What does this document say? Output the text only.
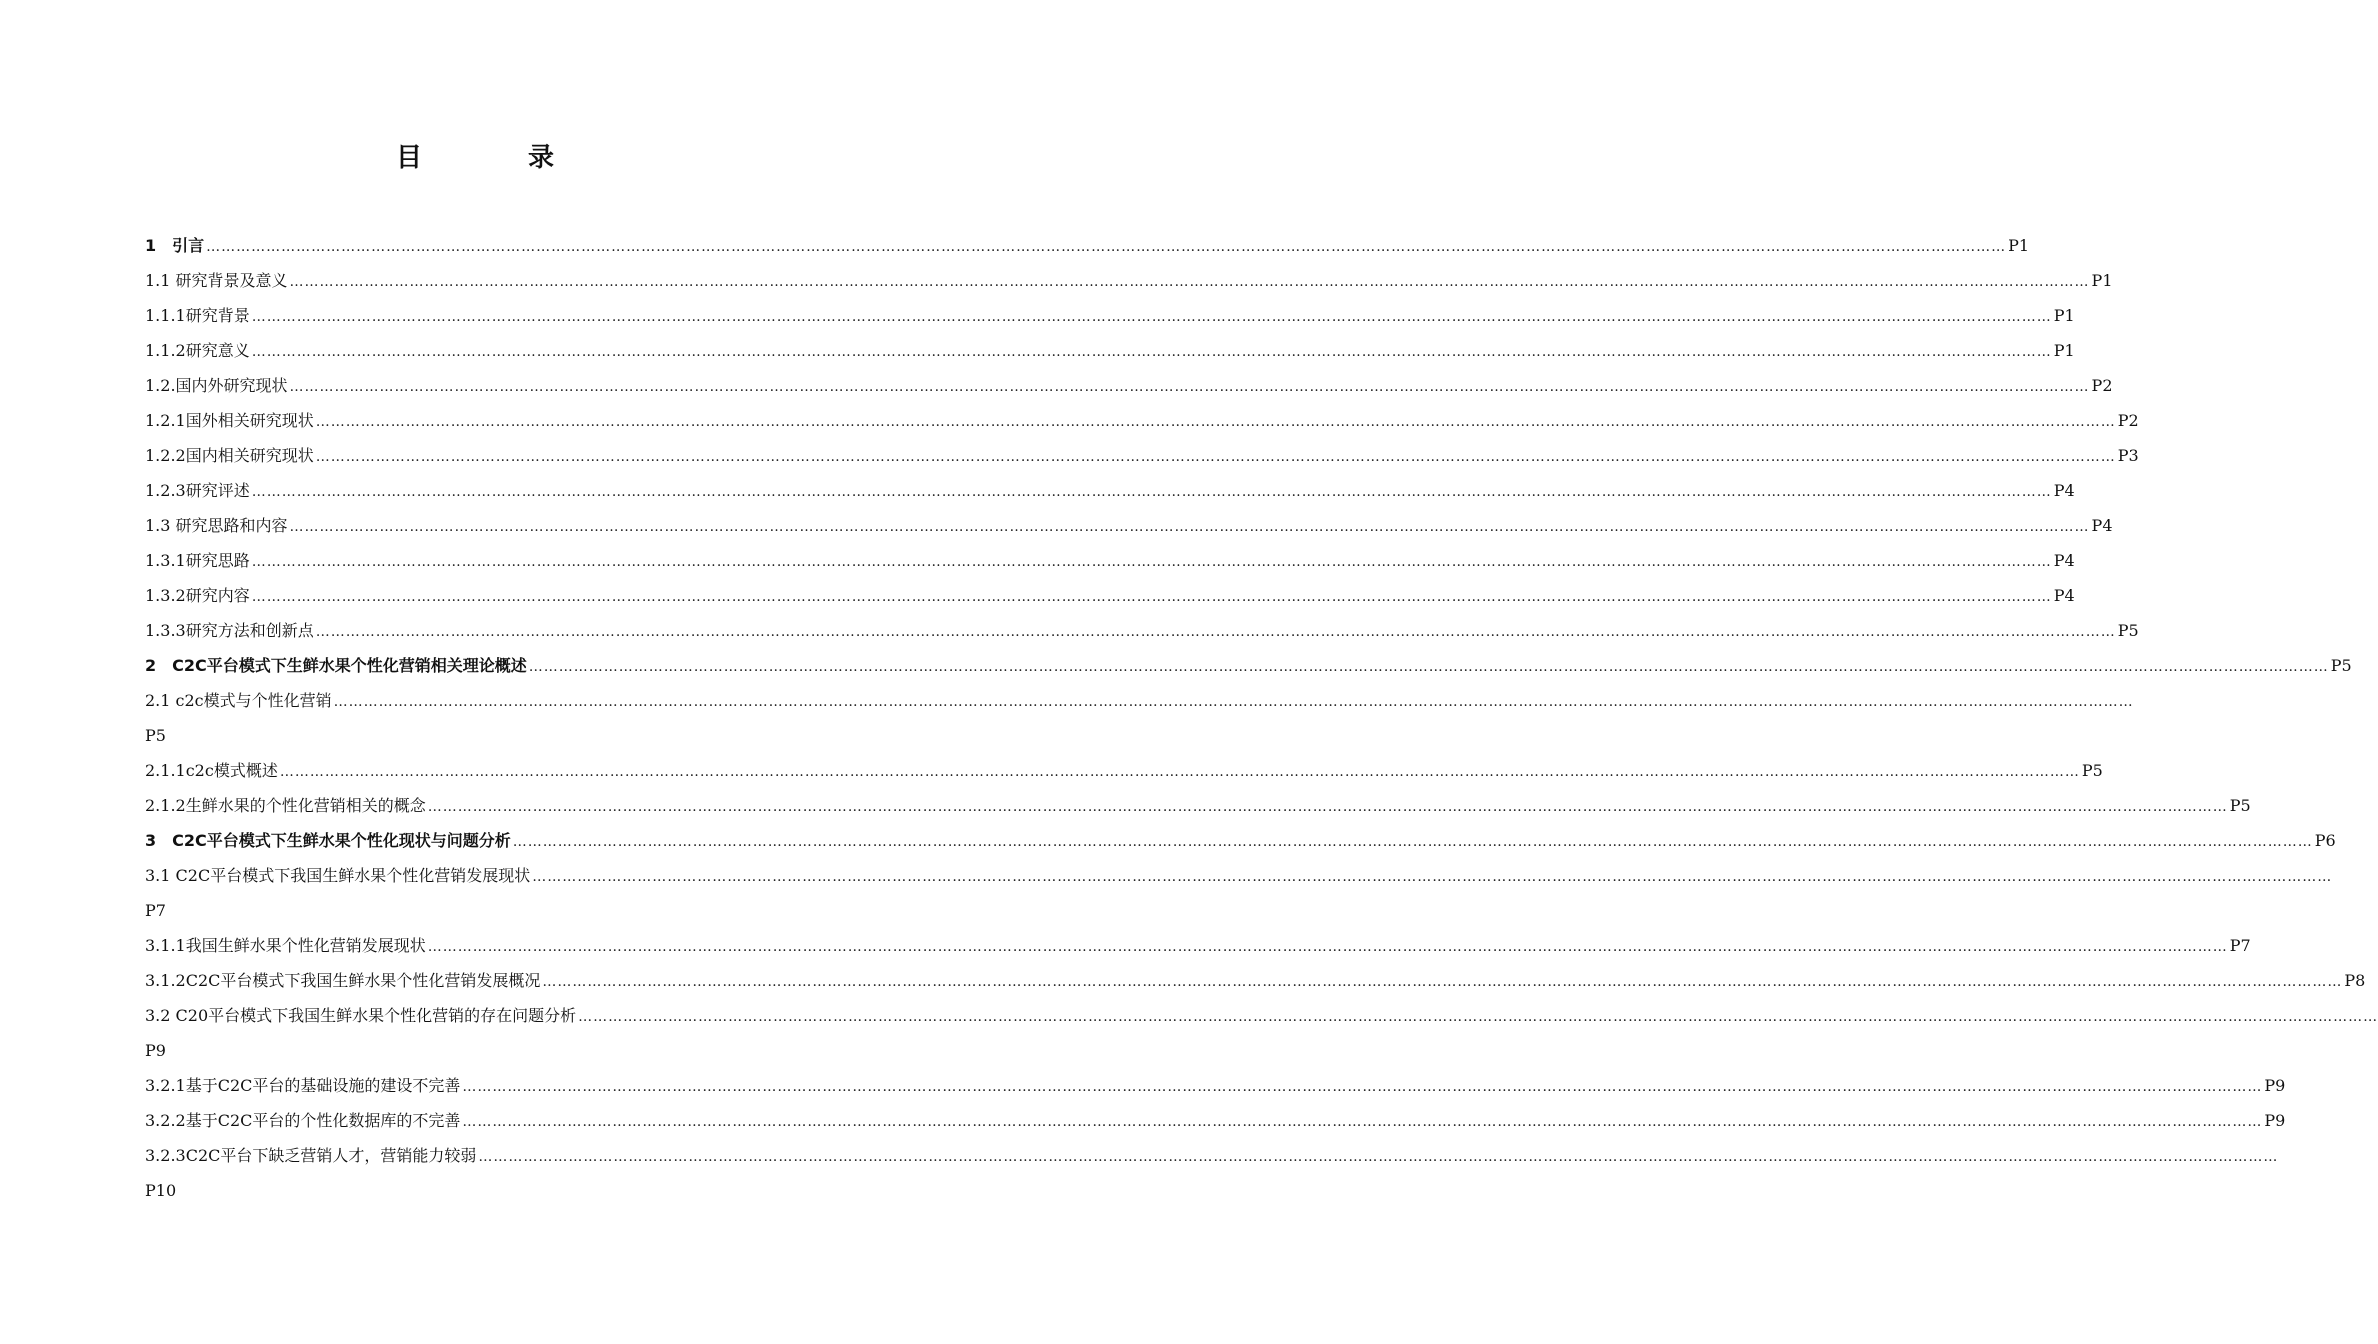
目　录
1　引言 ……………………………………………………………………………………………………………………………………………………………………………………………………………………………………………………………………………………………………………………………… P1
1.1 研究背景及意义 ……………………………………………………………………………………………………………………………………………………………………………………………………………………………………………………………………………………………………………………………… P1
1.1.1研究背景 ……………………………………………………………………………………………………………………………………………………………………………………………………………………………………………………………………………………………………………………………… P1
1.1.2研究意义 ……………………………………………………………………………………………………………………………………………………………………………………………………………………………………………………………………………………………………………………………… P1
1.2.国内外研究现状 ……………………………………………………………………………………………………………………………………………………………………………………………………………………………………………………………………………………………………………………………… P2
1.2.1国外相关研究现状 ……………………………………………………………………………………………………………………………………………………………………………………………………………………………………………………………………………………………………………………………… P2
1.2.2国内相关研究现状 ……………………………………………………………………………………………………………………………………………………………………………………………………………………………………………………………………………………………………………………………… P3
1.2.3研究评述 ……………………………………………………………………………………………………………………………………………………………………………………………………………………………………………………………………………………………………………………………… P4
1.3 研究思路和内容 ……………………………………………………………………………………………………………………………………………………………………………………………………………………………………………………………………………………………………………………………… P4
1.3.1研究思路 ……………………………………………………………………………………………………………………………………………………………………………………………………………………………………………………………………………………………………………………………… P4
1.3.2研究内容 ……………………………………………………………………………………………………………………………………………………………………………………………………………………………………………………………………………………………………………………………… P4
1.3.3研究方法和创新点 ……………………………………………………………………………………………………………………………………………………………………………………………………………………………………………………………………………………………………………………………… P5
2　C2C平台模式下生鲜水果个性化营销相关理论概述 ……………………………………………………………………………………………………………………………………………………………………………………………………………………………………………………………………………………………………………………………… P5
2.1 c2c模式与个性化营销 ………………………………………………………………………………………………………………………………………………………………………………………………………………………………………………………………………………………………………………………………
P5
2.1.1c2c模式概述 ……………………………………………………………………………………………………………………………………………………………………………………………………………………………………………………………………………………………………………………………… P5
2.1.2生鲜水果的个性化营销相关的概念 ……………………………………………………………………………………………………………………………………………………………………………………………………………………………………………………………………………………………………………………………… P5
3　C2C平台模式下生鲜水果个性化现状与问题分析 ……………………………………………………………………………………………………………………………………………………………………………………………………………………………………………………………………………………………………………………………… P6
3.1 C2C平台模式下我国生鲜水果个性化营销发展现状 ………………………………………………………………………………………………………………………………………………………………………………………………………………………………………………………………………………………………………………………………
P7
3.1.1我国生鲜水果个性化营销发展现状 ……………………………………………………………………………………………………………………………………………………………………………………………………………………………………………………………………………………………………………………………… P7
3.1.2C2C平台模式下我国生鲜水果个性化营销发展概况 ……………………………………………………………………………………………………………………………………………………………………………………………………………………………………………………………………………………………………………………………… P8
3.2 C20平台模式下我国生鲜水果个性化营销的存在问题分析 ………………………………………………………………………………………………………………………………………………………………………………………………………………………………………………………………………………………………………………………………
P9
3.2.1基于C2C平台的基础设施的建设不完善 ……………………………………………………………………………………………………………………………………………………………………………………………………………………………………………………………………………………………………………………………… P9
3.2.2基于C2C平台的个性化数据库的不完善 ……………………………………………………………………………………………………………………………………………………………………………………………………………………………………………………………………………………………………………………………… P9
3.2.3C2C平台下缺乏营销人才，营销能力较弱 ………………………………………………………………………………………………………………………………………………………………………………………………………………………………………………………………………………………………………………………………
P10
